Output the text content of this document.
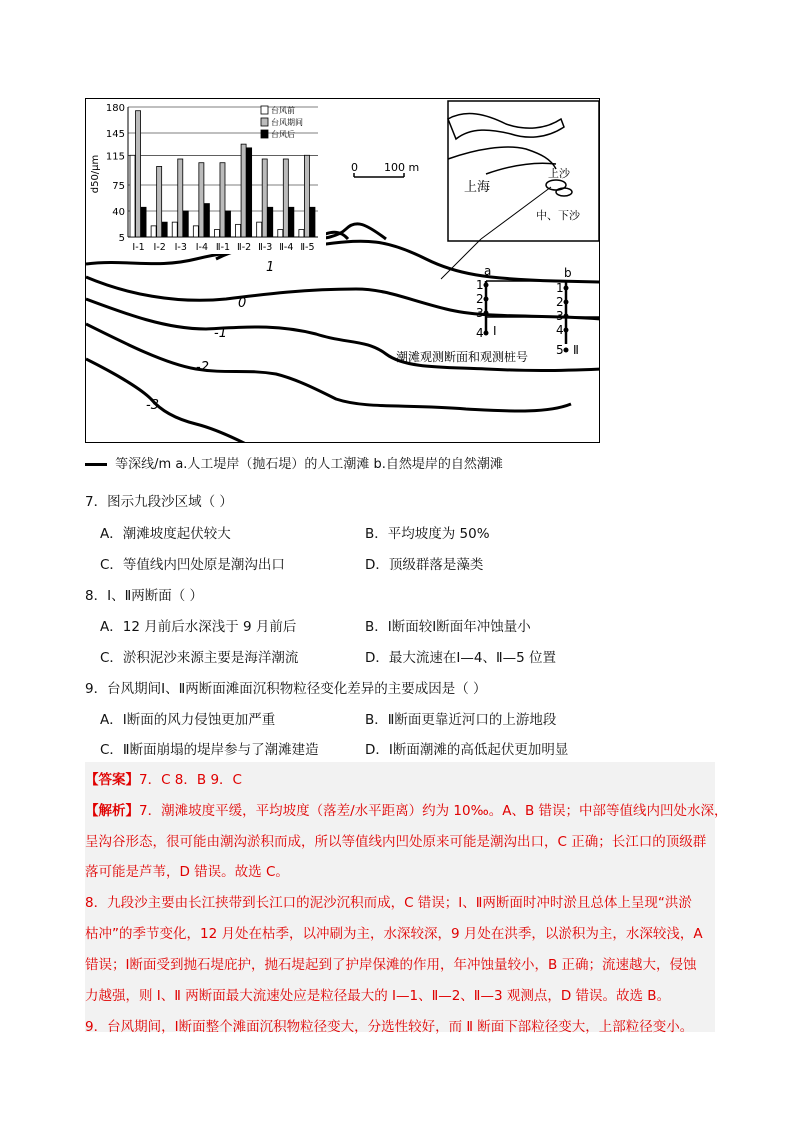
180
145
115
75
40
5
d50/μm
Ⅰ-1 Ⅰ-2 Ⅰ-3 Ⅰ-4 Ⅱ-1 Ⅱ-2 Ⅱ-3 Ⅱ-4 Ⅱ-5
台风前
台风期间
台风后
1
0
-1
-2
-3
0 100 m
a	b
1
2
3
4
1
2
3
4
5
Ⅰ
Ⅱ
潮滩观测断面和观测桩号
上海
上沙
中、下沙
等深线/m a.人工堤岸（抛石堤）的人工潮滩 b.自然堤岸的自然潮滩
7．图示九段沙区域（ ）
A．潮滩坡度起伏较大	B．平均坡度为 50%
C．等值线内凹处原是潮沟出口	D．顶级群落是藻类
8．Ⅰ、Ⅱ两断面（ ）
A．12 月前后水深浅于 9 月前后	B．Ⅰ断面较Ⅰ断面年冲蚀量小
C．淤积泥沙来源主要是海洋潮流	D．最大流速在Ⅰ—4、Ⅱ—5 位置
9．台风期间Ⅰ、Ⅱ两断面滩面沉积物粒径变化差异的主要成因是（ ）
A．Ⅰ断面的风力侵蚀更加严重	B．Ⅱ断面更靠近河口的上游地段
C．Ⅱ断面崩塌的堤岸参与了潮滩建造	D．Ⅰ断面潮滩的高低起伏更加明显
【答案】7．C 8．B 9．C
【解析】7．潮滩坡度平缓，平均坡度（落差/水平距离）约为 10‰。A、B 错误；中部等值线内凹处水深，
呈沟谷形态，很可能由潮沟淤积而成，所以等值线内凹处原来可能是潮沟出口，C 正确；长江口的顶级群
落可能是芦苇，D 错误。故选 C。
8．九段沙主要由长江挟带到长江口的泥沙沉积而成，C 错误；Ⅰ、Ⅱ两断面时冲时淤且总体上呈现“洪淤
枯冲”的季节变化，12 月处在枯季，以冲刷为主，水深较深，9 月处在洪季，以淤积为主，水深较浅，A
错误；Ⅰ断面受到抛石堤庇护，抛石堤起到了护岸保滩的作用，年冲蚀量较小，B 正确；流速越大，侵蚀
力越强，则 Ⅰ、Ⅱ 两断面最大流速处应是粒径最大的 Ⅰ—1、Ⅱ—2、Ⅱ—3 观测点，D 错误。故选 B。
9．台风期间，Ⅰ断面整个滩面沉积物粒径变大，分选性较好，而 Ⅱ 断面下部粒径变大，上部粒径变小。
